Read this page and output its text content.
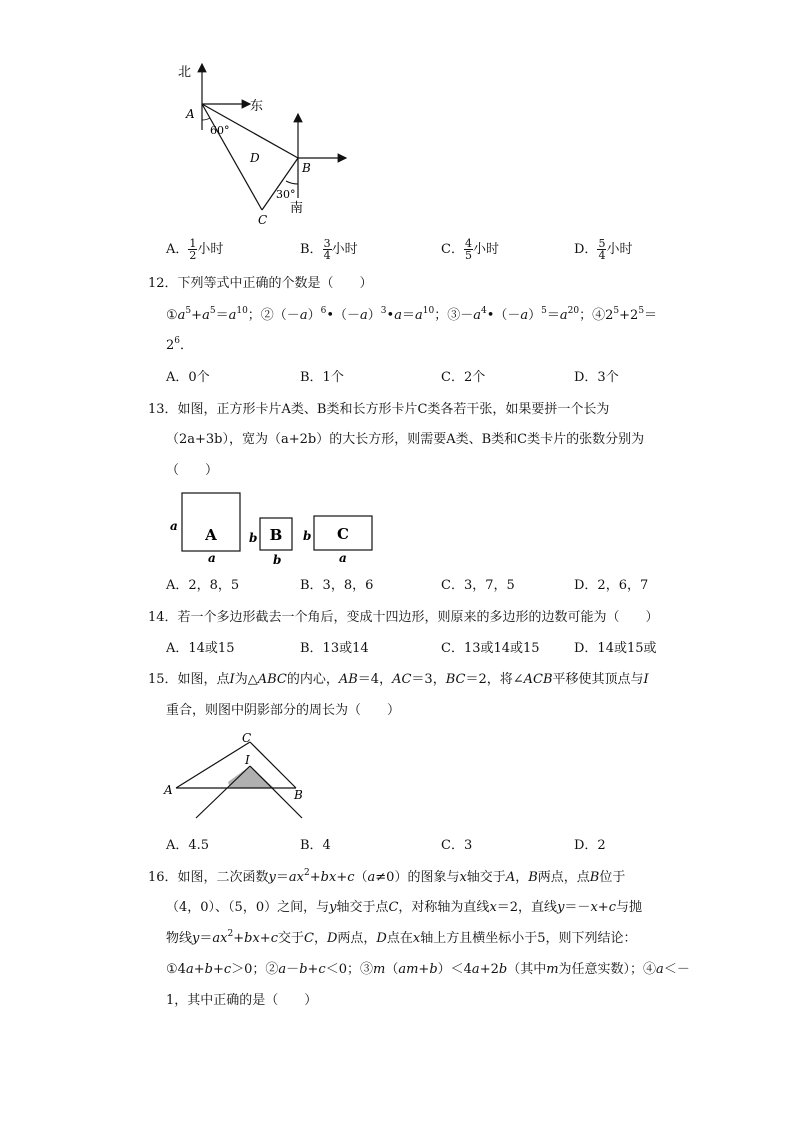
北
东
南
A
B
C
D
60°
30°
A． $\frac{1}{2}$ 小时	B． $\frac{3}{4}$ 小时	C． $\frac{4}{5}$ 小时	D． $\frac{5}{4}$ 小时
12．下列等式中正确的个数是（　　）
$①a^5+a^5=a^{10}$；$②(-a)^6•(-a)^3•a=a^{10}$；$③-a^4•(-a)^5=a^{20}$；$④2^5+2^5=$
$2^6$．
A．0个	B．1个	C．2个	D．3个
13．如图，正方形卡片A类、B类和长方形卡片C类各若干张，如果要拼一个长为
（2a+3b），宽为（a+2b）的大长方形，则需要A类、B类和C类卡片的张数分别为
（　　）
A	B	C
a
a
b
b
b
a
A．2，8，5	B．3，8，6	C．3，7，5	D．2，6，7
14．若一个多边形截去一个角后，变成十四边形，则原来的多边形的边数可能为（　　）
A．14或15	B．13或14	C．13或14或15	D．14或15或
15．如图，点I为△ABC的内心，AB＝4，AC＝3，BC＝2，将∠ACB平移使其顶点与I
重合，则图中阴影部分的周长为（　　）
A	B
C
I
A．4.5	B．4	C．3	D．2
16．如图，二次函数$y=ax^2+bx+c(a\ne 0)$的图象与x轴交于A，B两点，点B位于
（4，0）、（5，0）之间，与y轴交于点C，对称轴为直线x＝2，直线y＝－x+c与抛
物线$y=ax^2+bx+c$交于C，D两点，D点在x轴上方且横坐标小于5，则下列结论：
①4a+b+c＞0；②a－b+c＜0；③m（am+b）＜4a+2b（其中m为任意实数）；④a＜－
1，其中正确的是（　　）
